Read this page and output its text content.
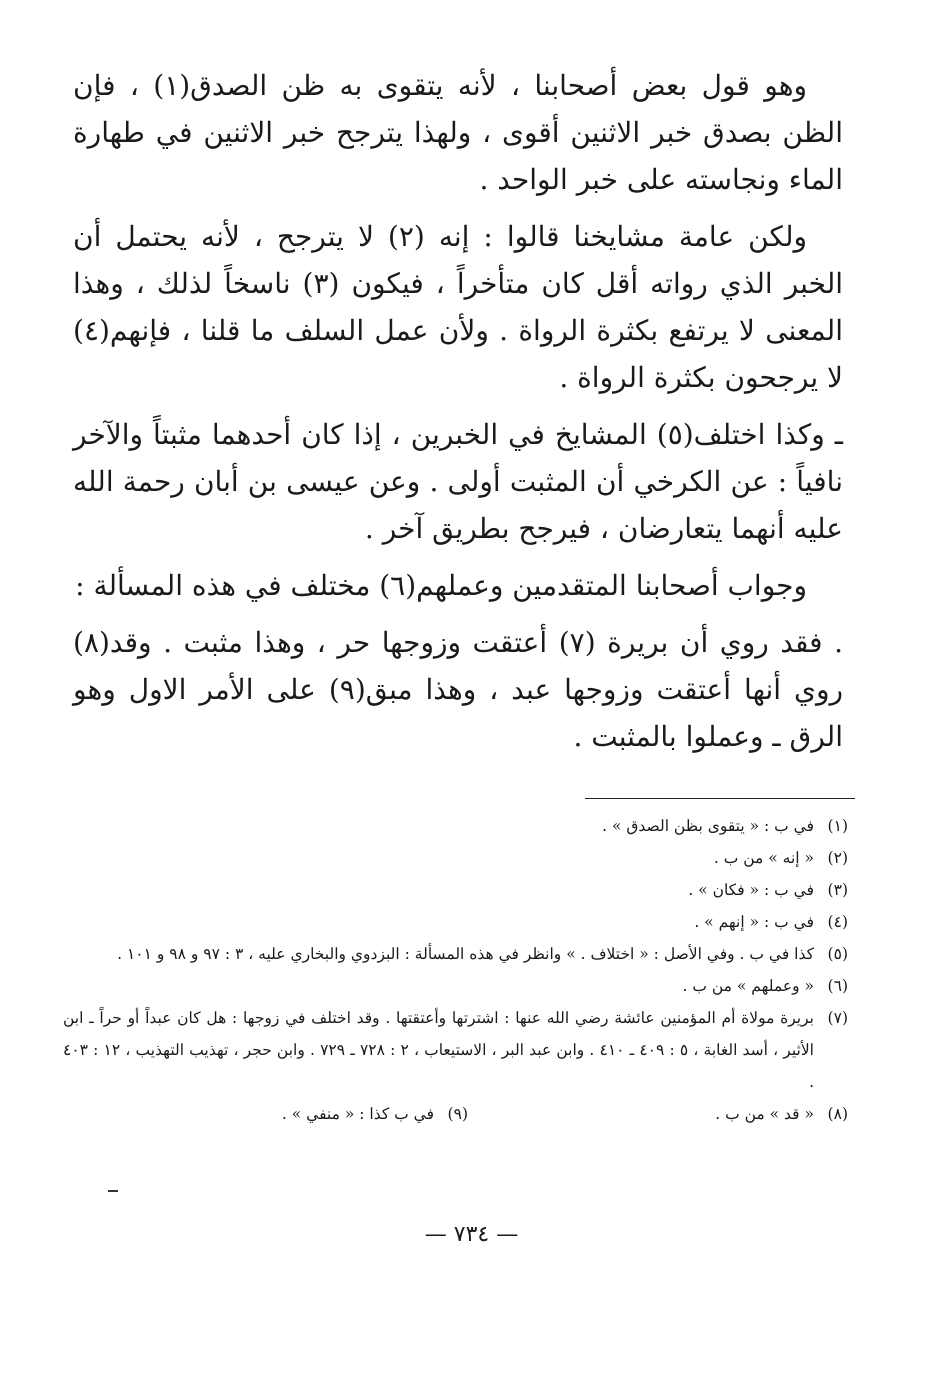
وهو قول بعض أصحابنا ، لأنه يتقوى به ظن الصدق(١) ، فإن الظن بصدق خبر الاثنين أقوى ، ولهذا يترجح خبر الاثنين في طهارة الماء ونجاسته على خبر الواحد .

ولكن عامة مشايخنا قالوا : إنه (٢) لا يترجح ، لأنه يحتمل أن الخبر الذي رواته أقل كان متأخراً ، فيكون (٣) ناسخاً لذلك ، وهذا المعنى لا يرتفع بكثرة الرواة . ولأن عمل السلف ما قلنا ، فإنهم(٤) لا يرجحون بكثرة الرواة .

ـ وكذا اختلف(٥) المشايخ في الخبرين ، إذا كان أحدهما مثبتاً والآخر نافياً : عن الكرخي أن المثبت أولى . وعن عيسى بن أبان رحمة الله عليه أنهما يتعارضان ، فيرجح بطريق آخر .

وجواب أصحابنا المتقدمين وعملهم(٦) مختلف في هذه المسألة :

. فقد روي أن بريرة (٧) أعتقت وزوجها حر ، وهذا مثبت . وقد(٨) روي أنها أعتقت وزوجها عبد ، وهذا مبق(٩) على الأمر الاول وهو الرق ـ وعملوا بالمثبت .

(١)
في ب : « يتقوى بظن الصدق » .
(٢)
« إنه » من ب .
(٣)
في ب : « فكان » .
(٤)
في ب : « إنهم » .
(٥)
كذا في ب . وفي الأصل : « اختلاف . » وانظر في هذه المسألة : البزدوي والبخاري عليه ، ٣ : ٩٧ و ٩٨ و ١٠١ .
(٦)
« وعملهم » من ب .
(٧)
بريرة مولاة أم المؤمنين عائشة رضي الله عنها : اشترتها وأعتقتها . وقد اختلف في زوجها : هل كان عبداً أو حراً ـ ابن الأثير ، أسد الغابة ، ٥ : ٤٠٩ ـ ٤١٠ . وابن عبد البر ، الاستيعاب ، ٢ : ٧٢٨ ـ ٧٢٩ . وابن حجر ، تهذيب التهذيب ، ١٢ : ٤٠٣ .
(٨)
« قد » من ب .
(٩)
في ب كذا : « منفي » .
— ٧٣٤ —
